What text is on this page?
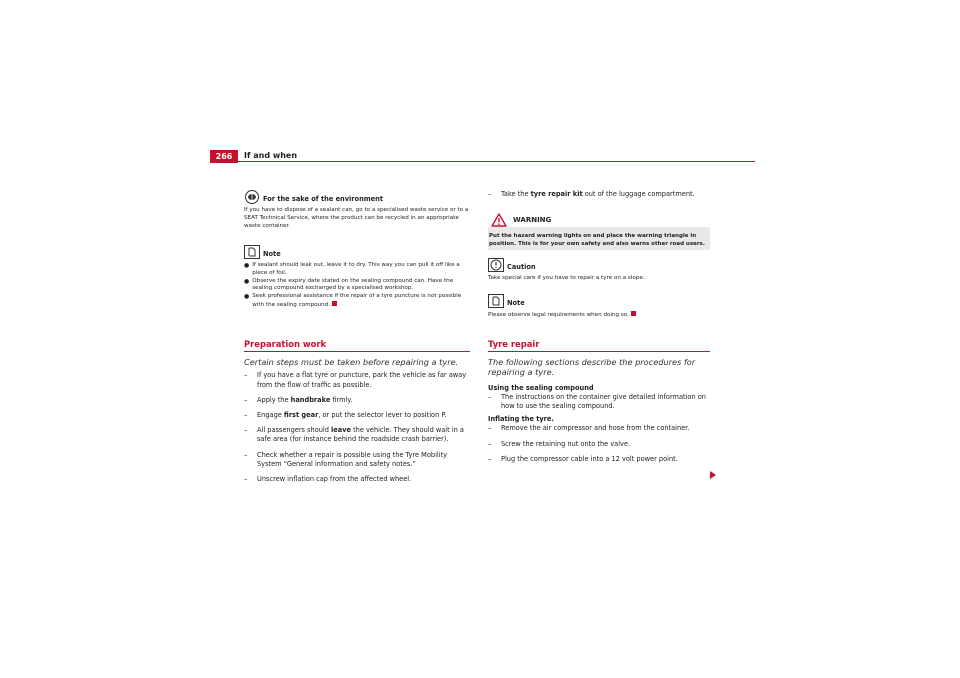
266	If and when
For the sake of the environment

If you have to dispose of a sealant can, go to a specialised waste service or to a SEAT Technical Service, where the product can be recycled in an appropriate waste container.

Note
● If sealant should leak out, leave it to dry. This way you can pull it off like a piece of foil.
● Observe the expiry date stated on the sealing compound can. Have the sealing compound exchanged by a specialised workshop.
● Seek professional assistance if the repair of a tyre puncture is not possible with the sealing compound.
Preparation work
Certain steps must be taken before repairing a tyre.
–	If you have a flat tyre or puncture, park the vehicle as far away from the flow of traffic as possible.
–	Apply the handbrake firmly.
–	Engage first gear, or put the selector lever to position P.
–	All passengers should leave the vehicle. They should wait in a safe area (for instance behind the roadside crash barrier).
–	Check whether a repair is possible using the Tyre Mobility System “General information and safety notes.”
–	Unscrew inflation cap from the affected wheel.
–	Take the tyre repair kit out of the luggage compartment.
WARNING
Put the hazard warning lights on and place the warning triangle in position. This is for your own safety and also warns other road users.
Caution

Take special care if you have to repair a tyre on a slope.

Note

Please observe legal requirements when doing so.

Tyre repair
The following sections describe the procedures for repairing a tyre.
Using the sealing compound
–	The instructions on the container give detailed information on how to use the sealing compound.
Inflating the tyre.
–	Remove the air compressor and hose from the container.
–	Screw the retaining nut onto the valve.
–	Plug the compressor cable into a 12 volt power point.
